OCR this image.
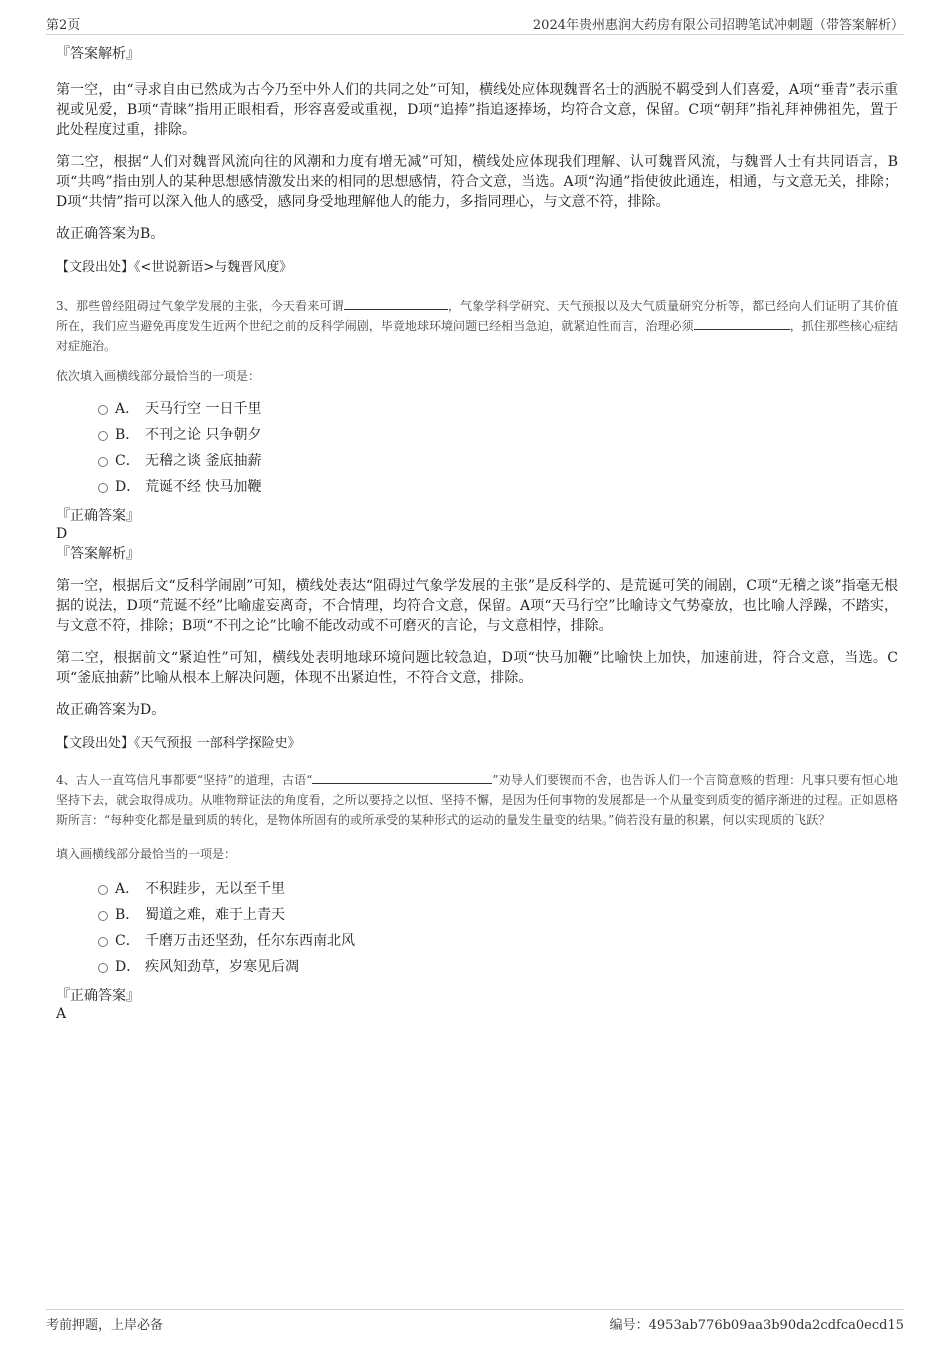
第2页	2024年贵州惠润大药房有限公司招聘笔试冲刺题（带答案解析）

『答案解析』

第一空，由“寻求自由已然成为古今乃至中外人们的共同之处”可知，横线处应体现魏晋名士的洒脱不羁受到人们喜爱，A项“垂青”表示重视或见爱，B项“青睐”指用正眼相看，形容喜爱或重视，D项“追捧”指追逐捧场，均符合文意，保留。C项“朝拜”指礼拜神佛祖先，置于此处程度过重，排除。

第二空，根据“人们对魏晋风流向往的风潮和力度有增无减”可知，横线处应体现我们理解、认可魏晋风流，与魏晋人士有共同语言，B项“共鸣”指由别人的某种思想感情激发出来的相同的思想感情，符合文意，当选。A项“沟通”指使彼此通连，相通，与文意无关，排除；D项“共情”指可以深入他人的感受，感同身受地理解他人的能力，多指同理心，与文意不符，排除。

故正确答案为B。

【文段出处】《<世说新语>与魏晋风度》

3、那些曾经阻碍过气象学发展的主张，今天看来可谓	，气象学科学研究、天气预报以及大气质量研究分析等，都已经向人们证明了其价值所在，我们应当避免再度发生近两个世纪之前的反科学闹剧，毕竟地球环境问题已经相当急迫，就紧迫性而言，治理必须	，抓住那些核心症结对症施治。

依次填入画横线部分最恰当的一项是：

A． 天马行空 一日千里
B． 不刊之论 只争朝夕
C． 无稽之谈 釜底抽薪
D． 荒诞不经 快马加鞭

『正确答案』

D

『答案解析』

第一空，根据后文“反科学闹剧”可知，横线处表达“阻碍过气象学发展的主张”是反科学的、是荒诞可笑的闹剧，C项“无稽之谈”指毫无根据的说法，D项“荒诞不经”比喻虚妄离奇，不合情理，均符合文意，保留。A项“天马行空”比喻诗文气势豪放，也比喻人浮躁，不踏实，与文意不符，排除；B项“不刊之论”比喻不能改动或不可磨灭的言论，与文意相悖，排除。

第二空，根据前文“紧迫性”可知，横线处表明地球环境问题比较急迫，D项“快马加鞭”比喻快上加快，加速前进，符合文意，当选。C项“釜底抽薪”比喻从根本上解决问题，体现不出紧迫性，不符合文意，排除。

故正确答案为D。

【文段出处】《天气预报 一部科学探险史》

4、古人一直笃信凡事都要“坚持”的道理，古语“	”劝导人们要锲而不舍，也告诉人们一个言简意赅的哲理：凡事只要有恒心地坚持下去，就会取得成功。从唯物辩证法的角度看，之所以要持之以恒、坚持不懈，是因为任何事物的发展都是一个从量变到质变的循序渐进的过程。正如恩格斯所言：“每种变化都是量到质的转化，是物体所固有的或所承受的某种形式的运动的量发生量变的结果。”倘若没有量的积累，何以实现质的飞跃？

填入画横线部分最恰当的一项是：

A． 不积跬步，无以至千里
B． 蜀道之难，难于上青天
C． 千磨万击还坚劲，任尔东西南北风
D． 疾风知劲草，岁寒见后凋

『正确答案』

A

考前押题，上岸必备	编号：4953ab776b09aa3b90da2cdfca0ecd15
